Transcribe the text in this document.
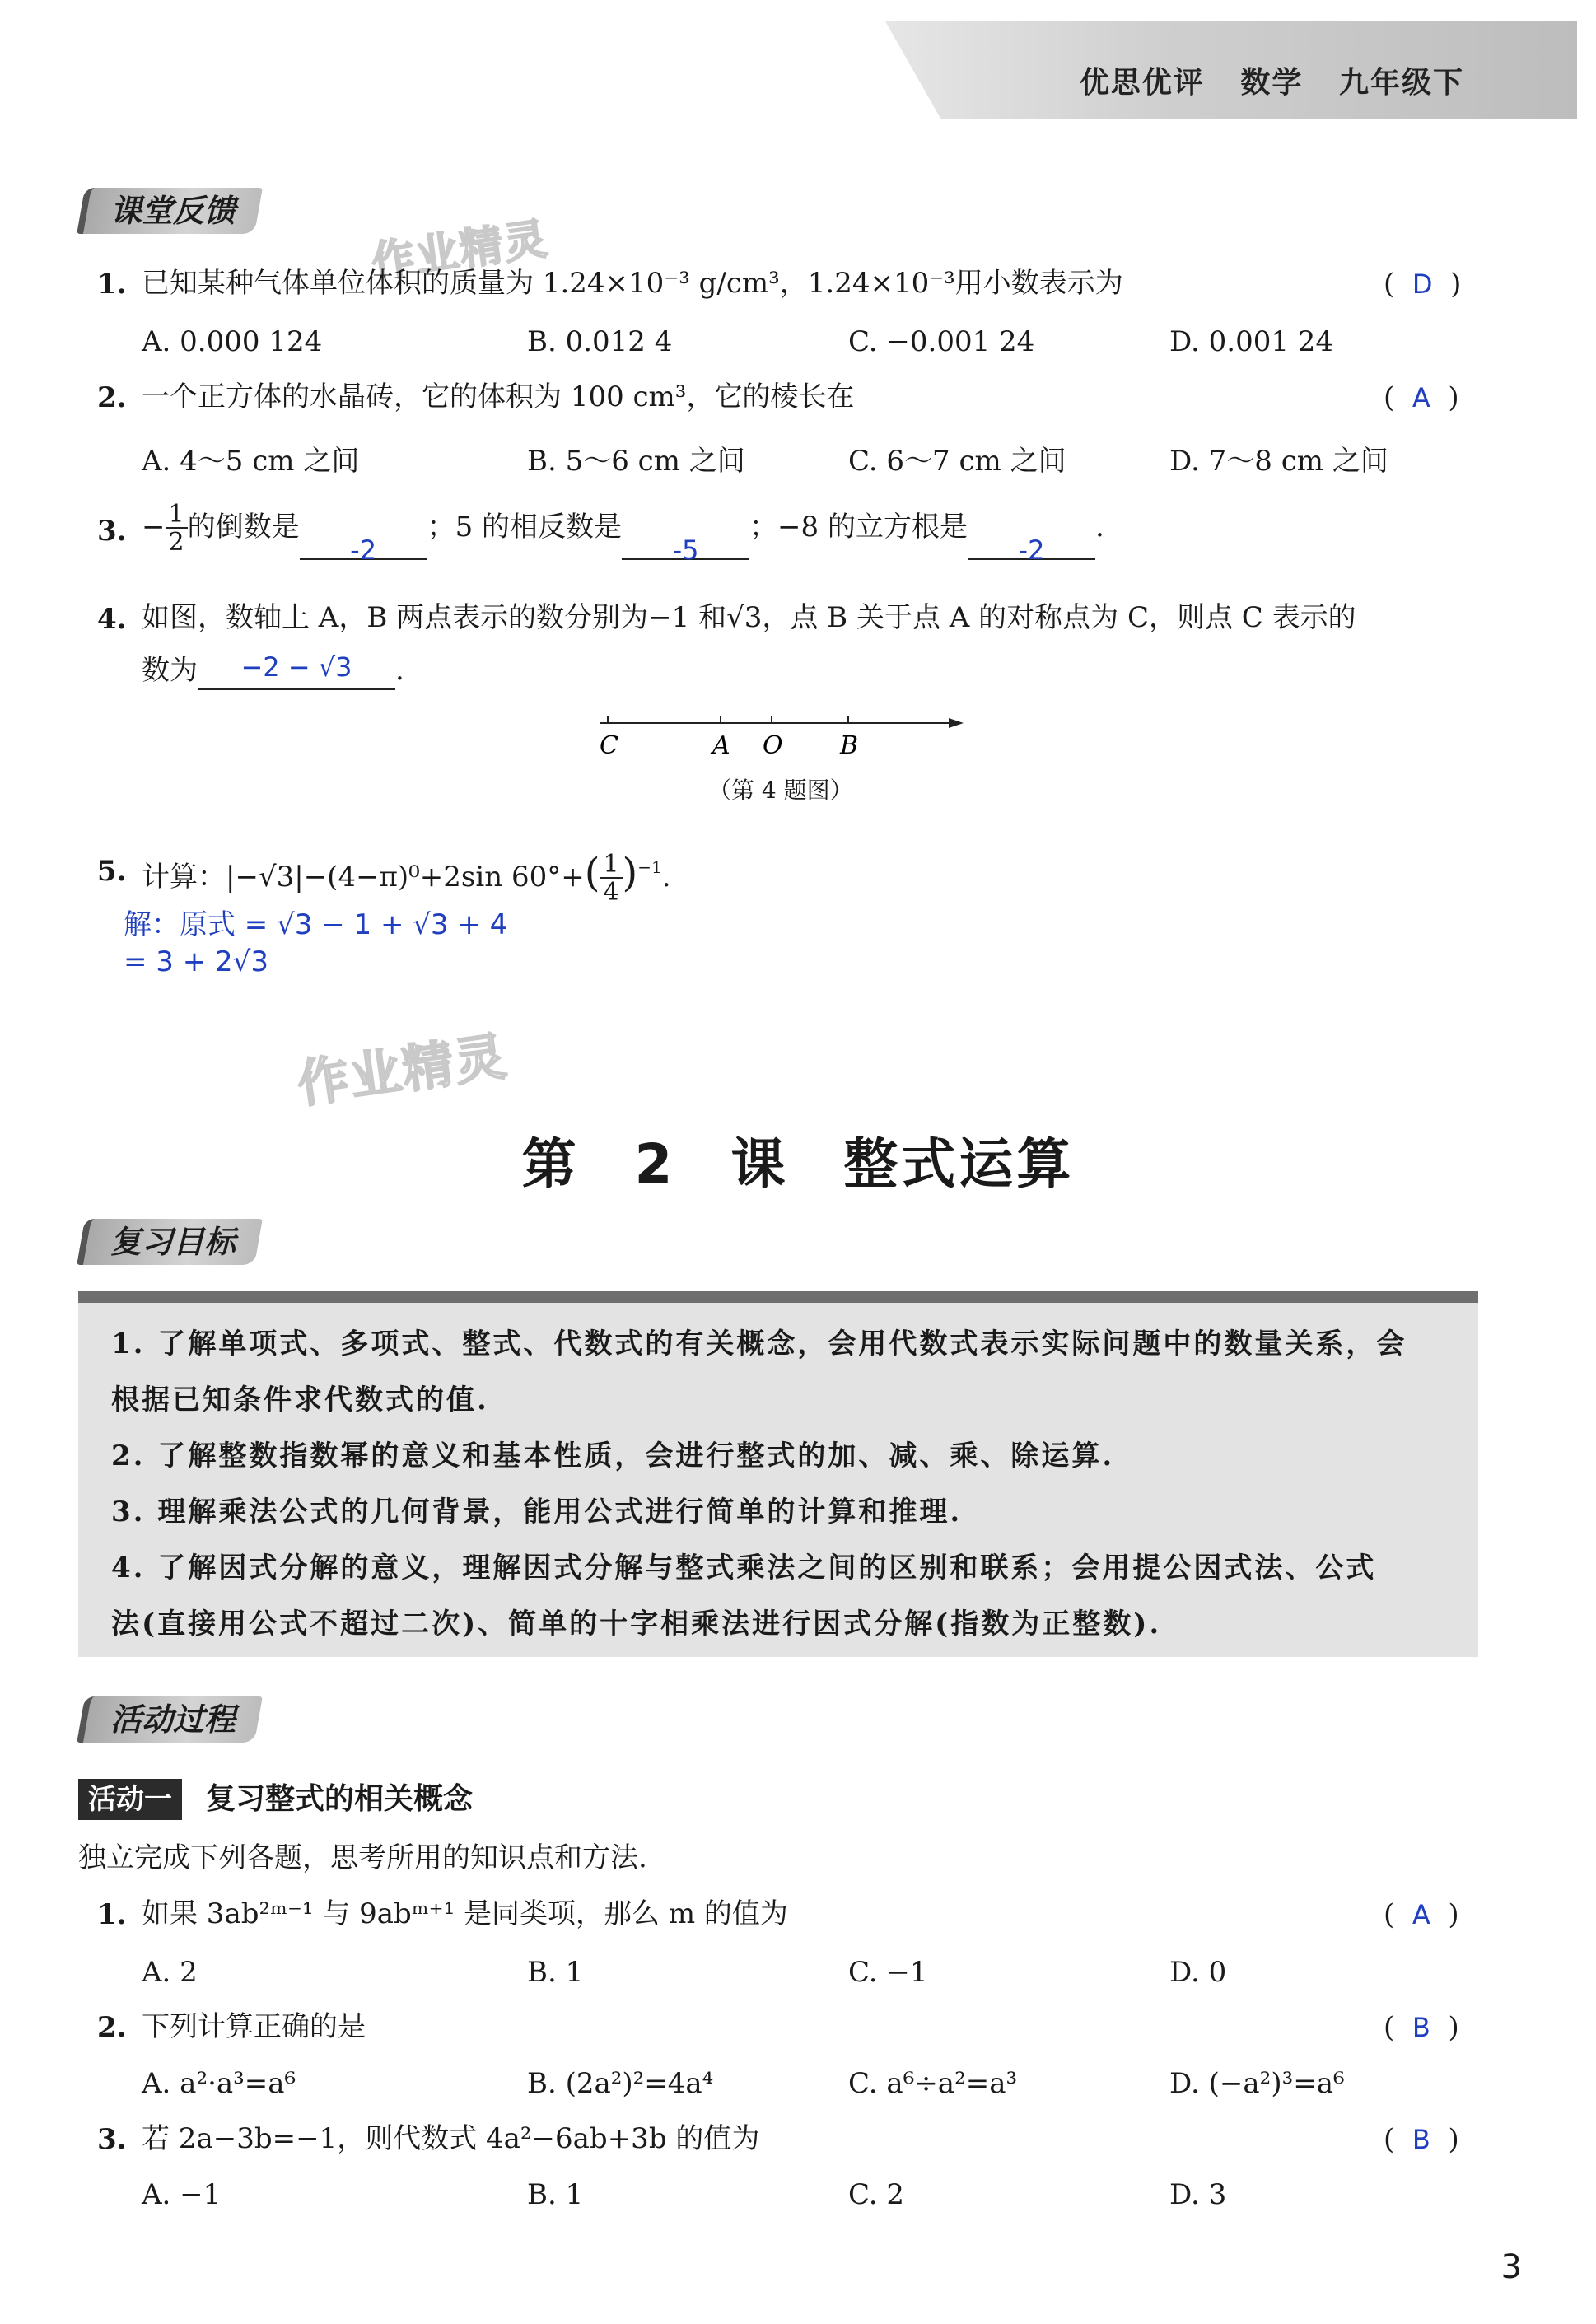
优思优评   数学   九年级下
作业精灵
作业精灵
课堂反馈
1. 已知某种气体单位体积的质量为 1.24×10⁻³ g/cm³，1.24×10⁻³用小数表示为	(  D  )
A. 0.000 124	B. 0.012 4	C. −0.001 24	D. 0.001 24
2. 一个正方体的水晶砖，它的体积为 100 cm³，它的棱长在	(  A  )
A. 4～5 cm 之间	B. 5～6 cm 之间	C. 6～7 cm 之间	D. 7～8 cm 之间
3. − $\frac{1}{2}$ 的倒数是-2；5 的相反数是-5；−8 的立方根是-2.
4. 如图，数轴上 A，B 两点表示的数分别为−1 和√3，点 B 关于点 A 的对称点为 C，则点 C 表示的
数为 −2 − √3 .
C	A O B
（第 4 题图）
5. 计算：|−√3|−(4−π)⁰+2sin $60^\circ+( \frac{1}{4} )^{-1}$.
解：原式 = √3 − 1 + √3 + 4
= 3 + 2√3
第 2 课 整式运算
复习目标
1. 了解单项式、多项式、整式、代数式的有关概念，会用代数式表示实际问题中的数量关系，会
根据已知条件求代数式的值.
2. 了解整数指数幂的意义和基本性质，会进行整式的加、减、乘、除运算.
3. 理解乘法公式的几何背景，能用公式进行简单的计算和推理.
4. 了解因式分解的意义，理解因式分解与整式乘法之间的区别和联系；会用提公因式法、公式
法(直接用公式不超过二次)、简单的十字相乘法进行因式分解(指数为正整数).
活动过程
活动一	复习整式的相关概念
独立完成下列各题，思考所用的知识点和方法.
1. 如果 3ab²ᵐ⁻¹ 与 9abᵐ⁺¹ 是同类项，那么 m 的值为	(  A  )
A. 2	B. 1	C. −1	D. 0
2. 下列计算正确的是	(  B  )
A. a²·a³=a⁶	B. (2a²)²=4a⁴	C. a⁶÷a²=a³	D. (−a²)³=a⁶
3. 若 2a−3b=−1，则代数式 4a²−6ab+3b 的值为	(  B  )
A. −1	B. 1	C. 2	D. 3
3
